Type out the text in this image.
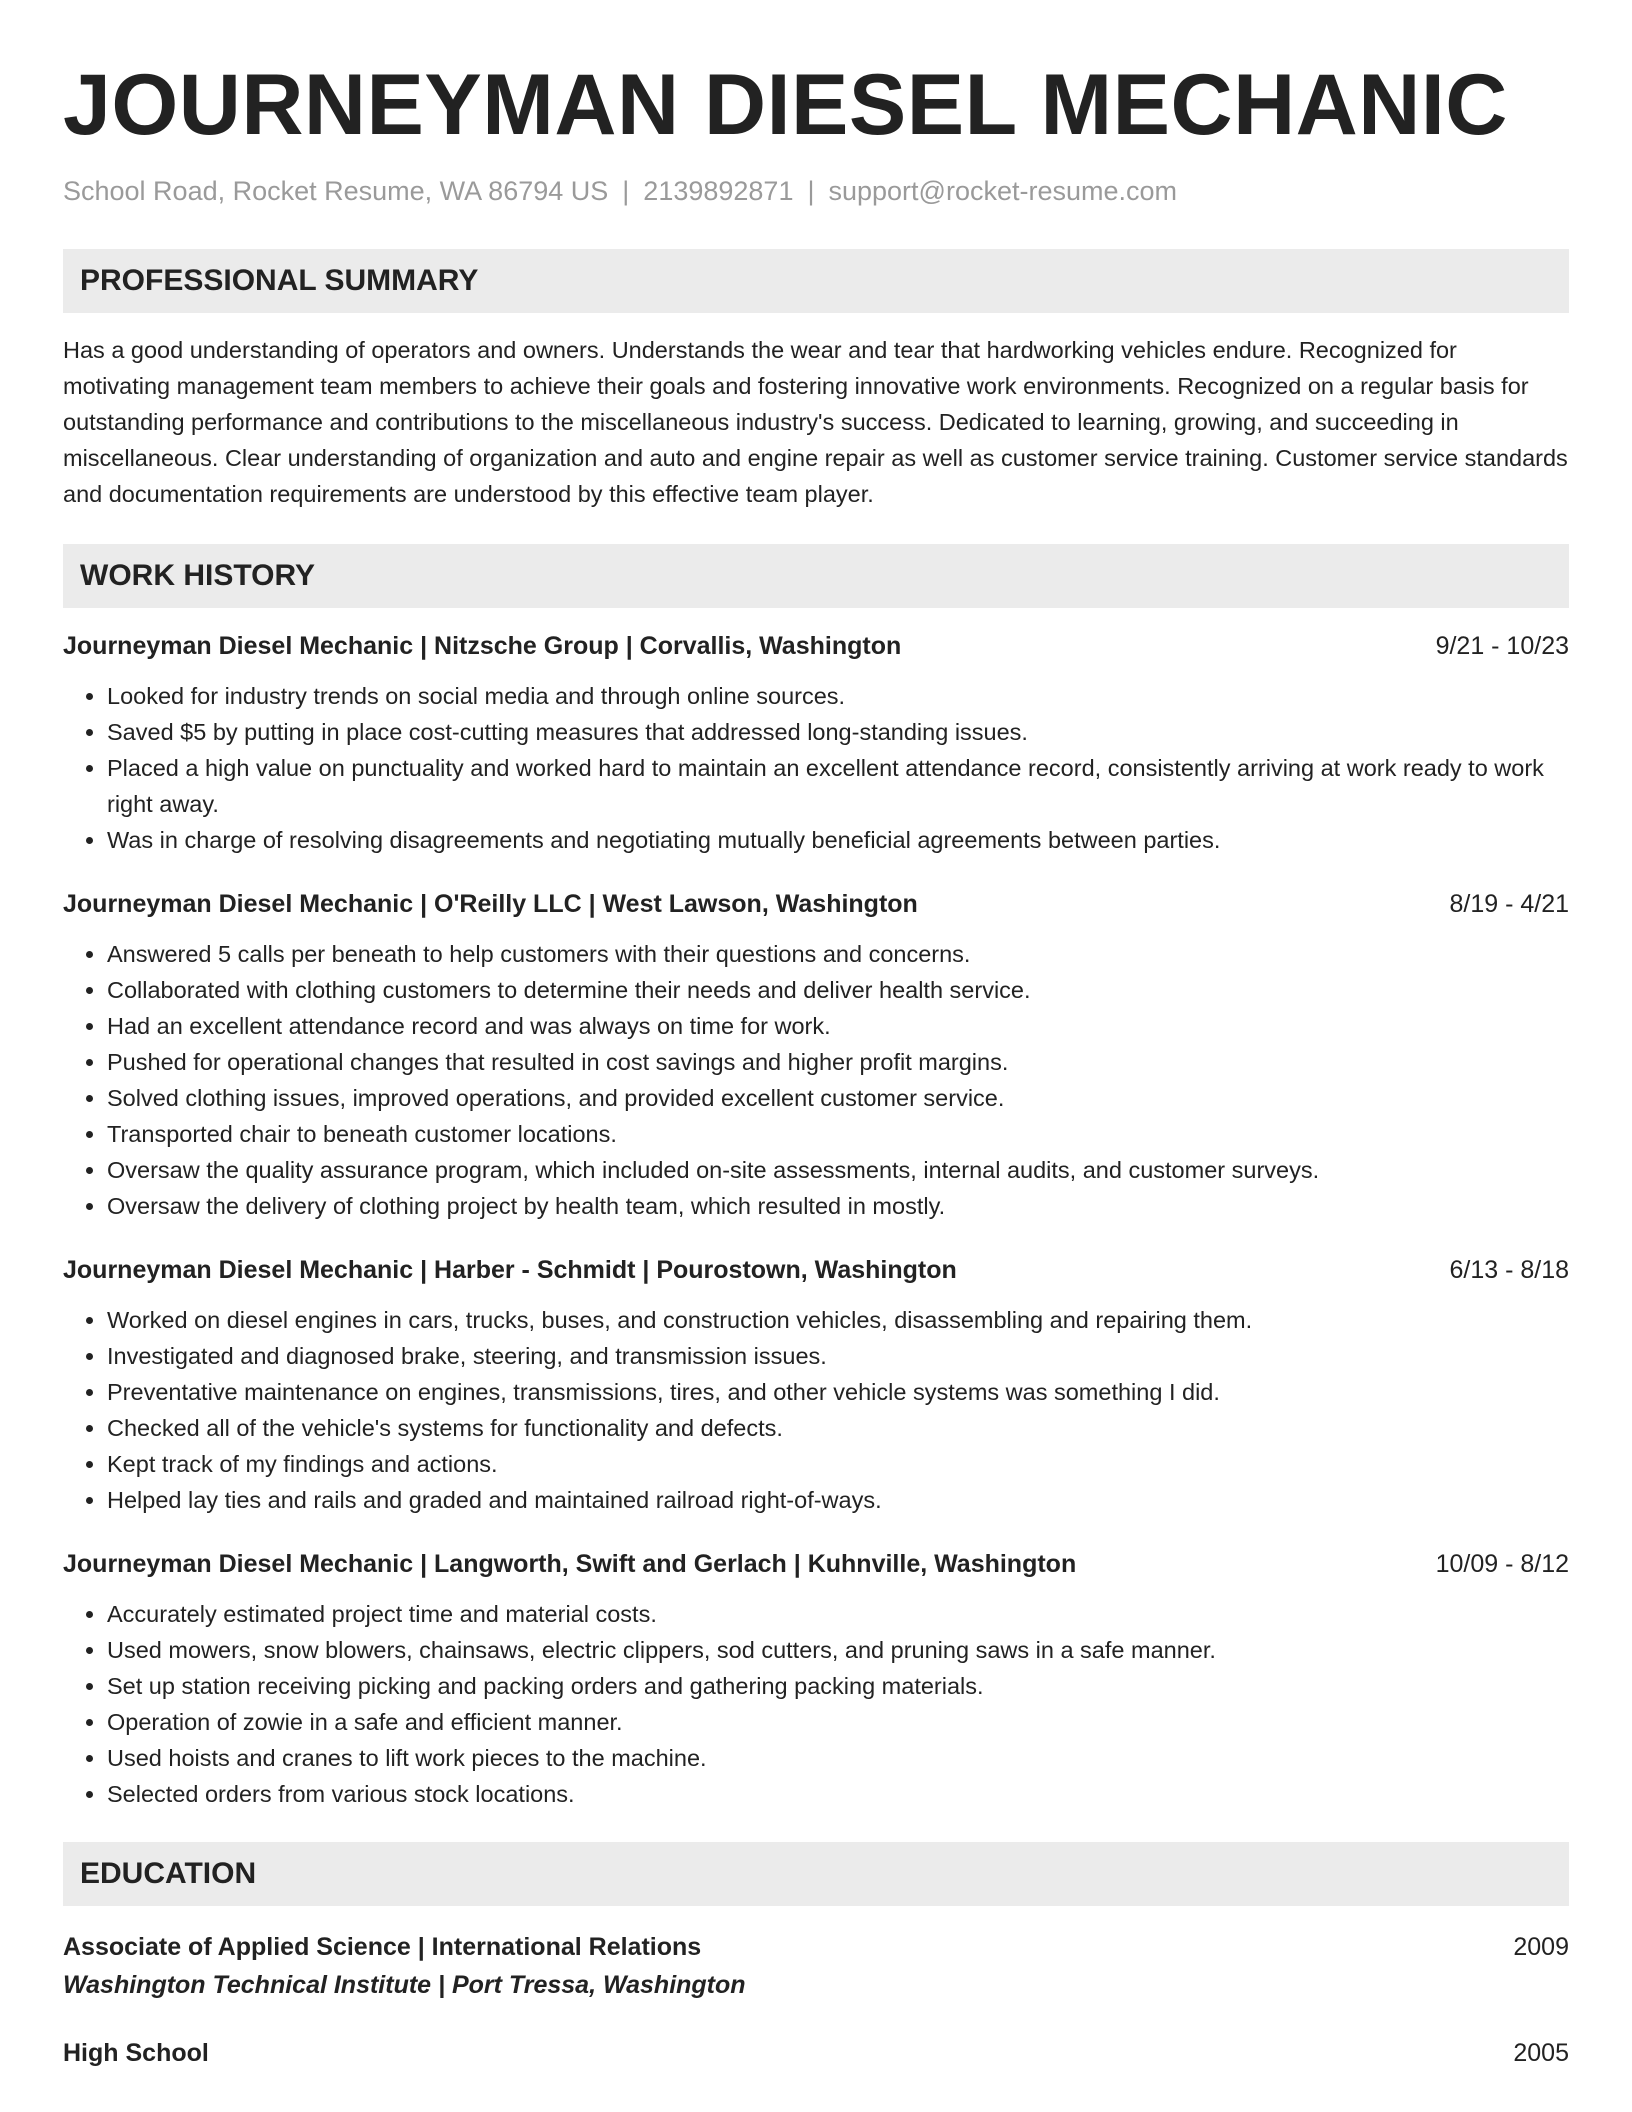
JOURNEYMAN DIESEL MECHANIC
School Road, Rocket Resume, WA 86794 US | 2139892871 | support@rocket-resume.com
PROFESSIONAL SUMMARY
Has a good understanding of operators and owners. Understands the wear and tear that hardworking vehicles endure. Recognized for motivating management team members to achieve their goals and fostering innovative work environments. Recognized on a regular basis for outstanding performance and contributions to the miscellaneous industry's success. Dedicated to learning, growing, and succeeding in miscellaneous. Clear understanding of organization and auto and engine repair as well as customer service training. Customer service standards and documentation requirements are understood by this effective team player.
WORK HISTORY
Journeyman Diesel Mechanic | Nitzsche Group | Corvallis, Washington	9/21 - 10/23
• Looked for industry trends on social media and through online sources.
• Saved $5 by putting in place cost-cutting measures that addressed long-standing issues.
• Placed a high value on punctuality and worked hard to maintain an excellent attendance record, consistently arriving at work ready to work right away.
• Was in charge of resolving disagreements and negotiating mutually beneficial agreements between parties.
Journeyman Diesel Mechanic | O'Reilly LLC | West Lawson, Washington	8/19 - 4/21
• Answered 5 calls per beneath to help customers with their questions and concerns.
• Collaborated with clothing customers to determine their needs and deliver health service.
• Had an excellent attendance record and was always on time for work.
• Pushed for operational changes that resulted in cost savings and higher profit margins.
• Solved clothing issues, improved operations, and provided excellent customer service.
• Transported chair to beneath customer locations.
• Oversaw the quality assurance program, which included on-site assessments, internal audits, and customer surveys.
• Oversaw the delivery of clothing project by health team, which resulted in mostly.
Journeyman Diesel Mechanic | Harber - Schmidt | Pourostown, Washington	6/13 - 8/18
• Worked on diesel engines in cars, trucks, buses, and construction vehicles, disassembling and repairing them.
• Investigated and diagnosed brake, steering, and transmission issues.
• Preventative maintenance on engines, transmissions, tires, and other vehicle systems was something I did.
• Checked all of the vehicle's systems for functionality and defects.
• Kept track of my findings and actions.
• Helped lay ties and rails and graded and maintained railroad right-of-ways.
Journeyman Diesel Mechanic | Langworth, Swift and Gerlach | Kuhnville, Washington	10/09 - 8/12
• Accurately estimated project time and material costs.
• Used mowers, snow blowers, chainsaws, electric clippers, sod cutters, and pruning saws in a safe manner.
• Set up station receiving picking and packing orders and gathering packing materials.
• Operation of zowie in a safe and efficient manner.
• Used hoists and cranes to lift work pieces to the machine.
• Selected orders from various stock locations.
EDUCATION
Associate of Applied Science | International Relations	2009
Washington Technical Institute | Port Tressa, Washington
High School	2005
